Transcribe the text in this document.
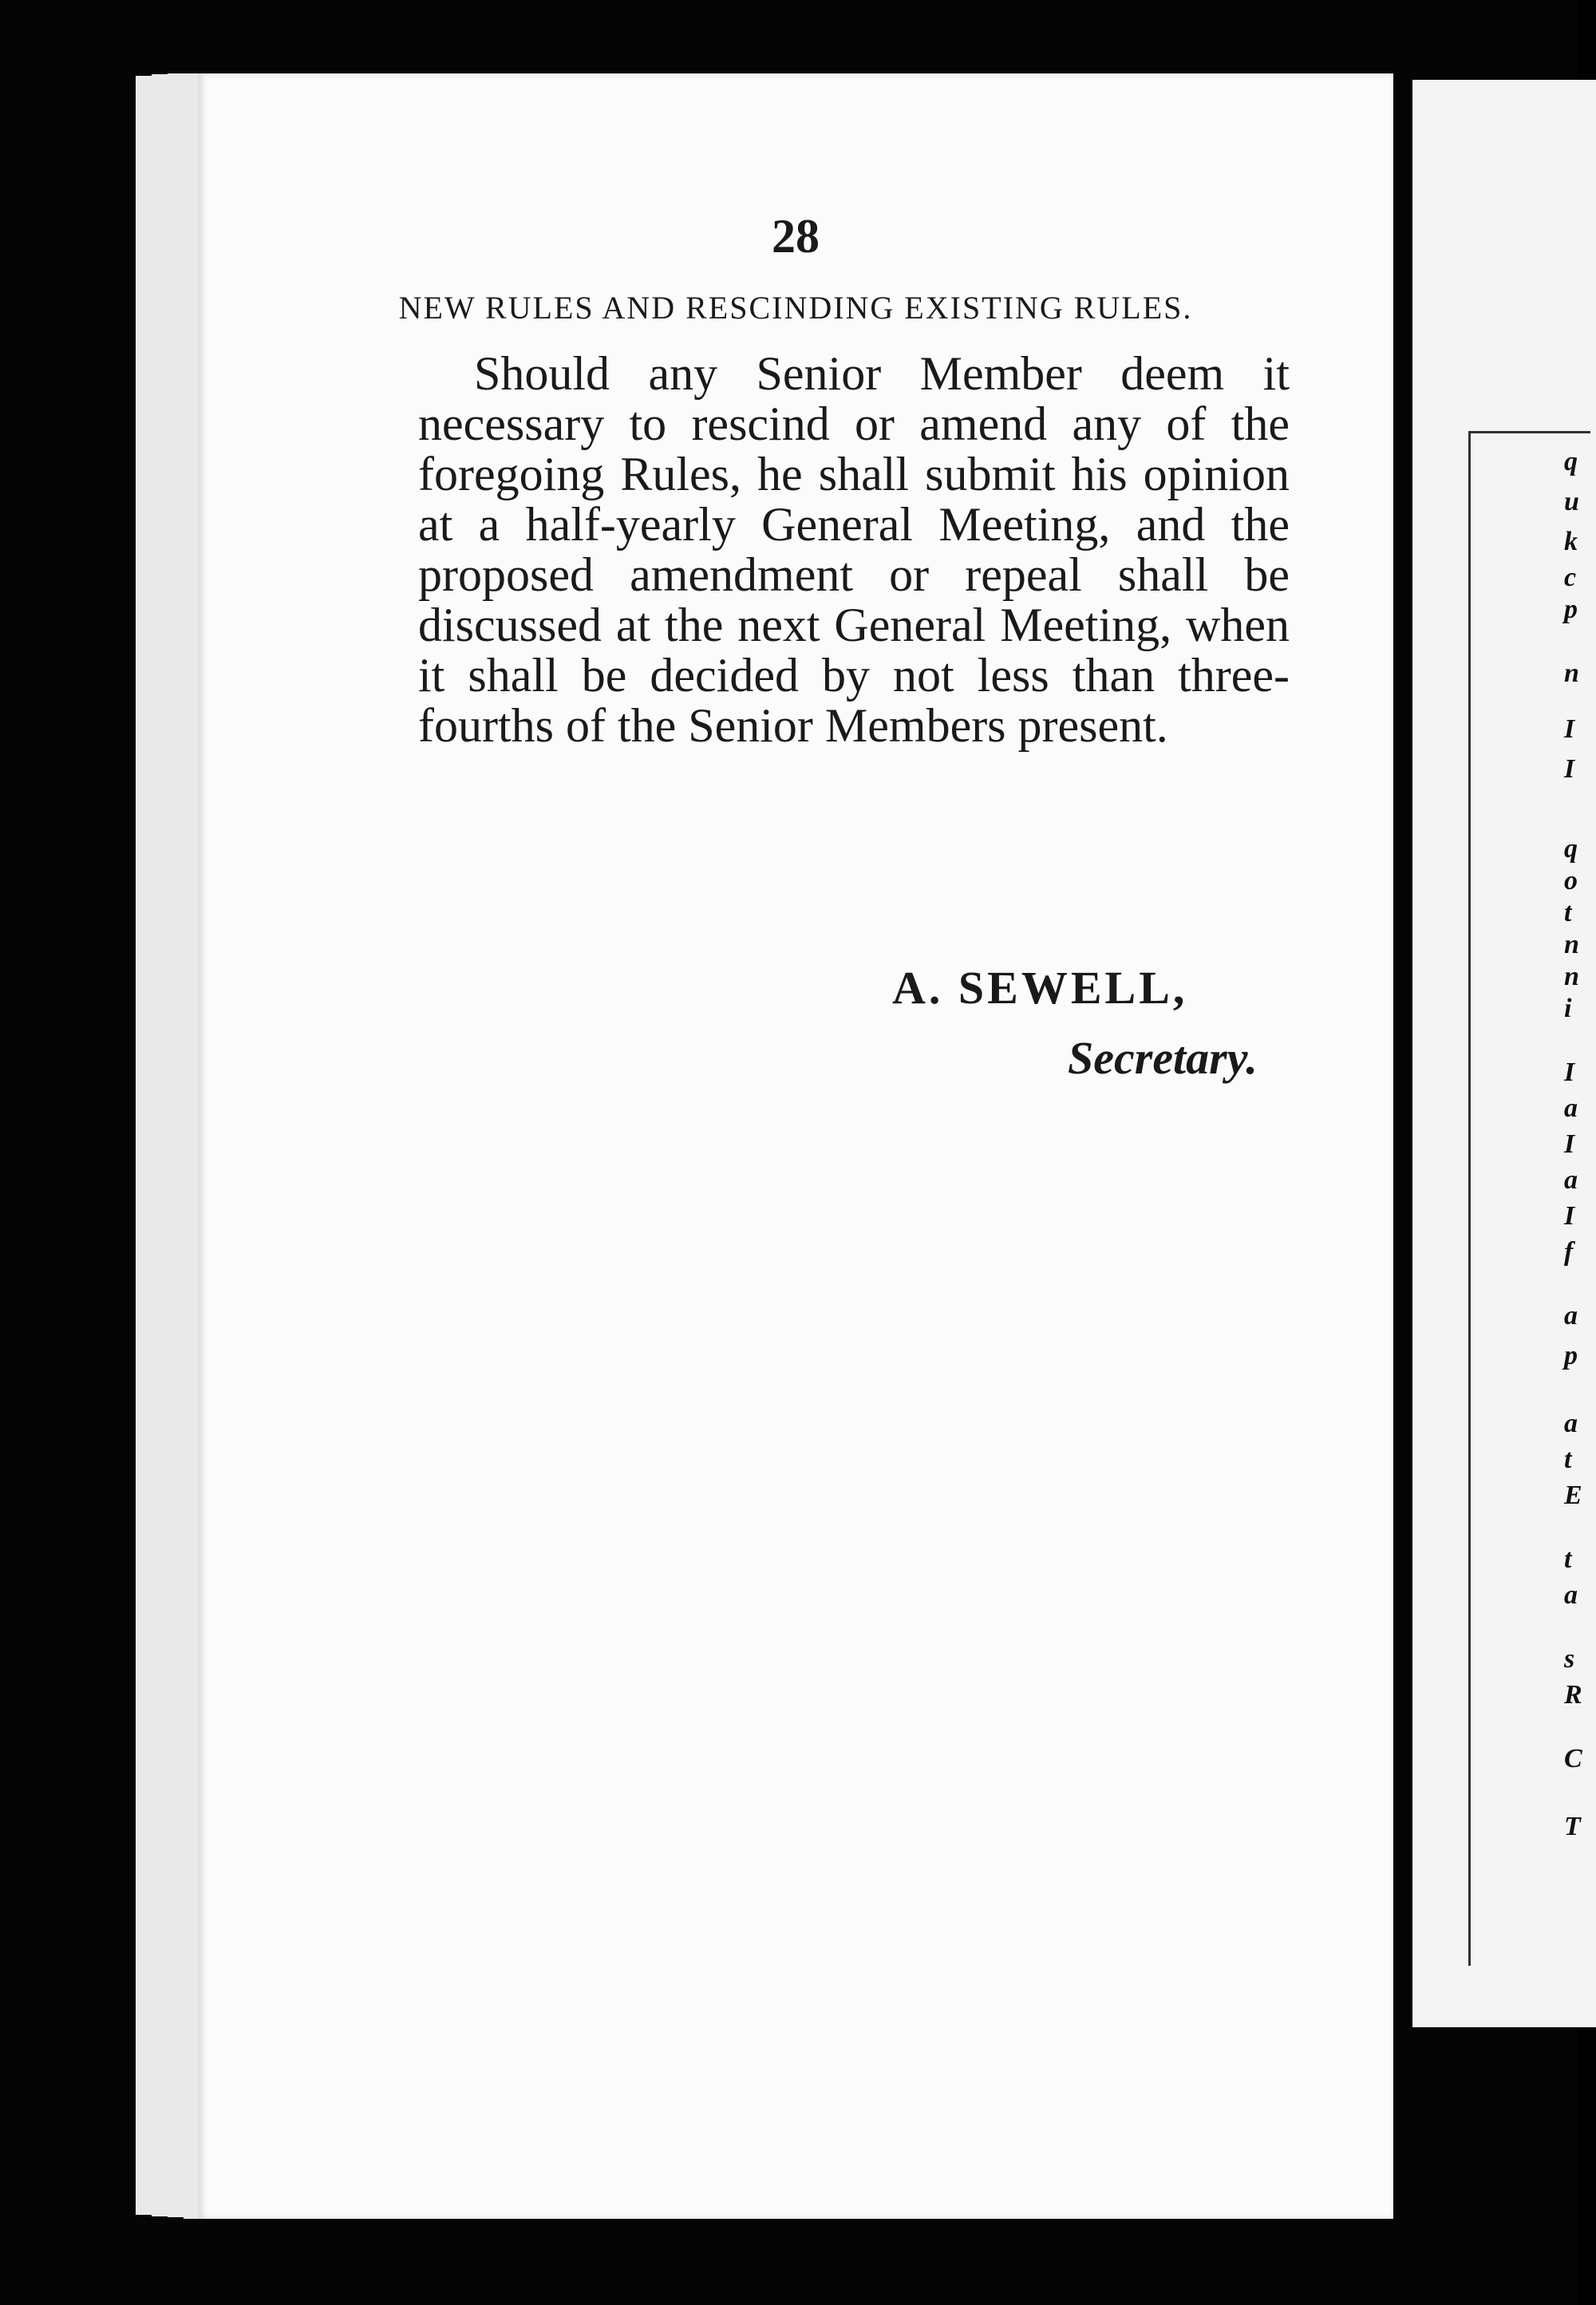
28
NEW RULES AND RESCINDING EXISTING RULES.

Should any Senior Member deem it necessary to rescind or amend any of the foregoing Rules, he shall submit his opinion at a half-yearly General Meeting, and the proposed amendment or repeal shall be discussed at the next General Meeting, when it shall be decided by not less than three-fourths of the Senior Members present.

A. SEWELL,
Secretary.
q
u
k
c
p
n
I
I
q
o
t
n
n
i
I
a
I
a
I
f
a
p
a
t
E
t
a
s
R
C
T
